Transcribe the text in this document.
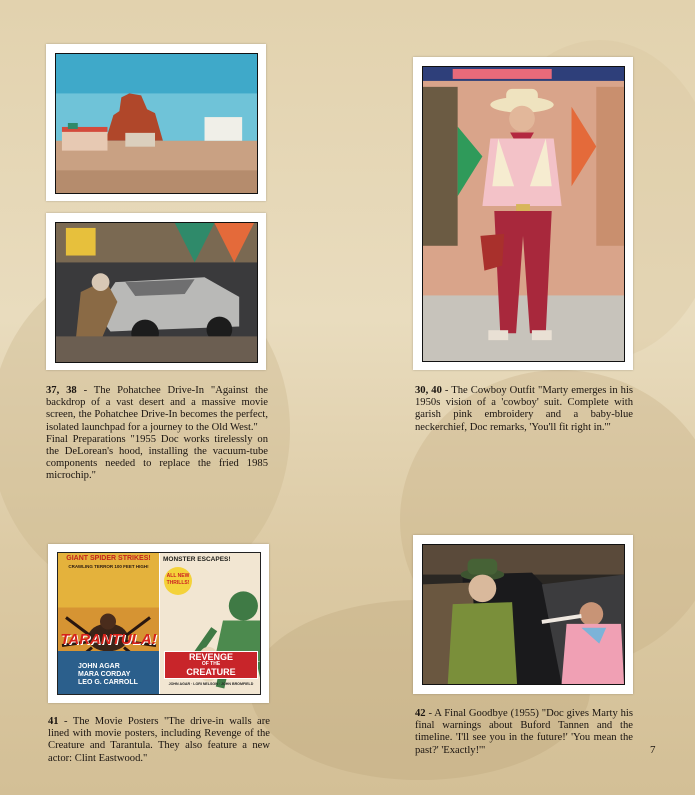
37, 38 - The Pohatchee Drive-In "Against the backdrop of a vast desert and a massive movie screen, the Pohatchee Drive-In becomes the perfect, isolated launchpad for a journey to the Old West."

Final Preparations "1955 Doc works tirelessly on the DeLorean's hood, installing the vacuum-tube components needed to replace the fried 1985 microchip."

30, 40 - The Cowboy Outfit "Marty emerges in his 1950s vision of a 'cowboy' suit. Complete with garish pink embroidery and a baby-blue neckerchief, Doc remarks, 'You'll fit right in.'"

GIANT SPIDER STRIKES!
CRAWLING TERROR 100 FEET HIGH!
TARANTULA!
JOHN AGAR
MARA CORDAY
LEO G. CARROLL
MONSTER ESCAPES!
ALL NEW THRILLS!
REVENGE
OF THE
CREATURE
JOHN AGAR · LORI NELSON · JOHN BROMFIELD

41 - The Movie Posters "The drive-in walls are lined with movie posters, including Revenge of the Creature and Tarantula. They also feature a new actor: Clint Eastwood."

42 - A Final Goodbye (1955) "Doc gives Marty his final warnings about Buford Tannen and the timeline. 'I'll see you in the future!' 'You mean the past?' 'Exactly!'"	7
